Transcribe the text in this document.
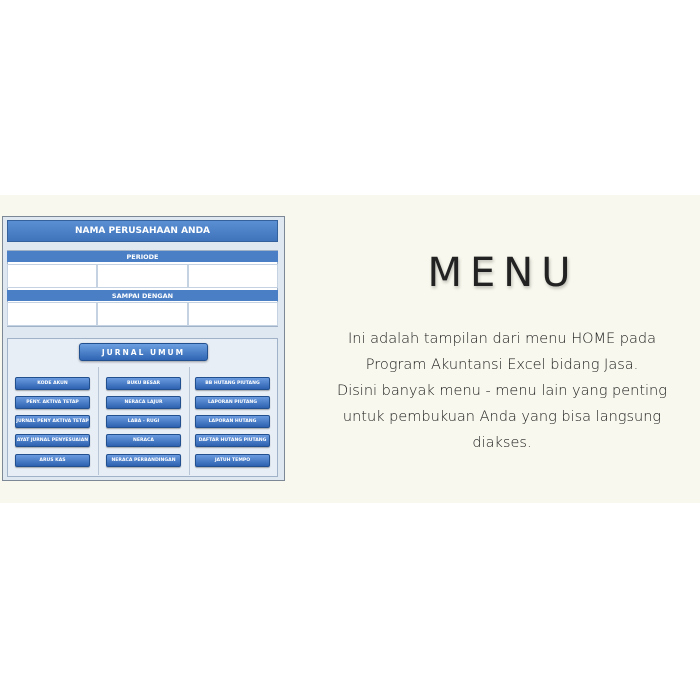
NAMA PERUSAHAAN ANDA
PERIODE
SAMPAI DENGAN
JURNAL UMUM
KODE AKUN
PENY. AKTIVA TETAP
JURNAL PENY AKTIVA TETAP
AYAT JURNAL PENYESUAIAN
ARUS KAS
BUKU BESAR
NERACA LAJUR
LABA - RUGI
NERACA
NERACA PERBANDINGAN
BB HUTANG PIUTANG
LAPORAN PIUTANG
LAPORAN HUTANG
DAFTAR HUTANG PIUTANG
JATUH TEMPO
MENU
Ini adalah tampilan dari menu HOME pada
Program Akuntansi Excel bidang Jasa.
Disini banyak menu - menu lain yang penting
untuk pembukuan Anda yang bisa langsung
diakses.
